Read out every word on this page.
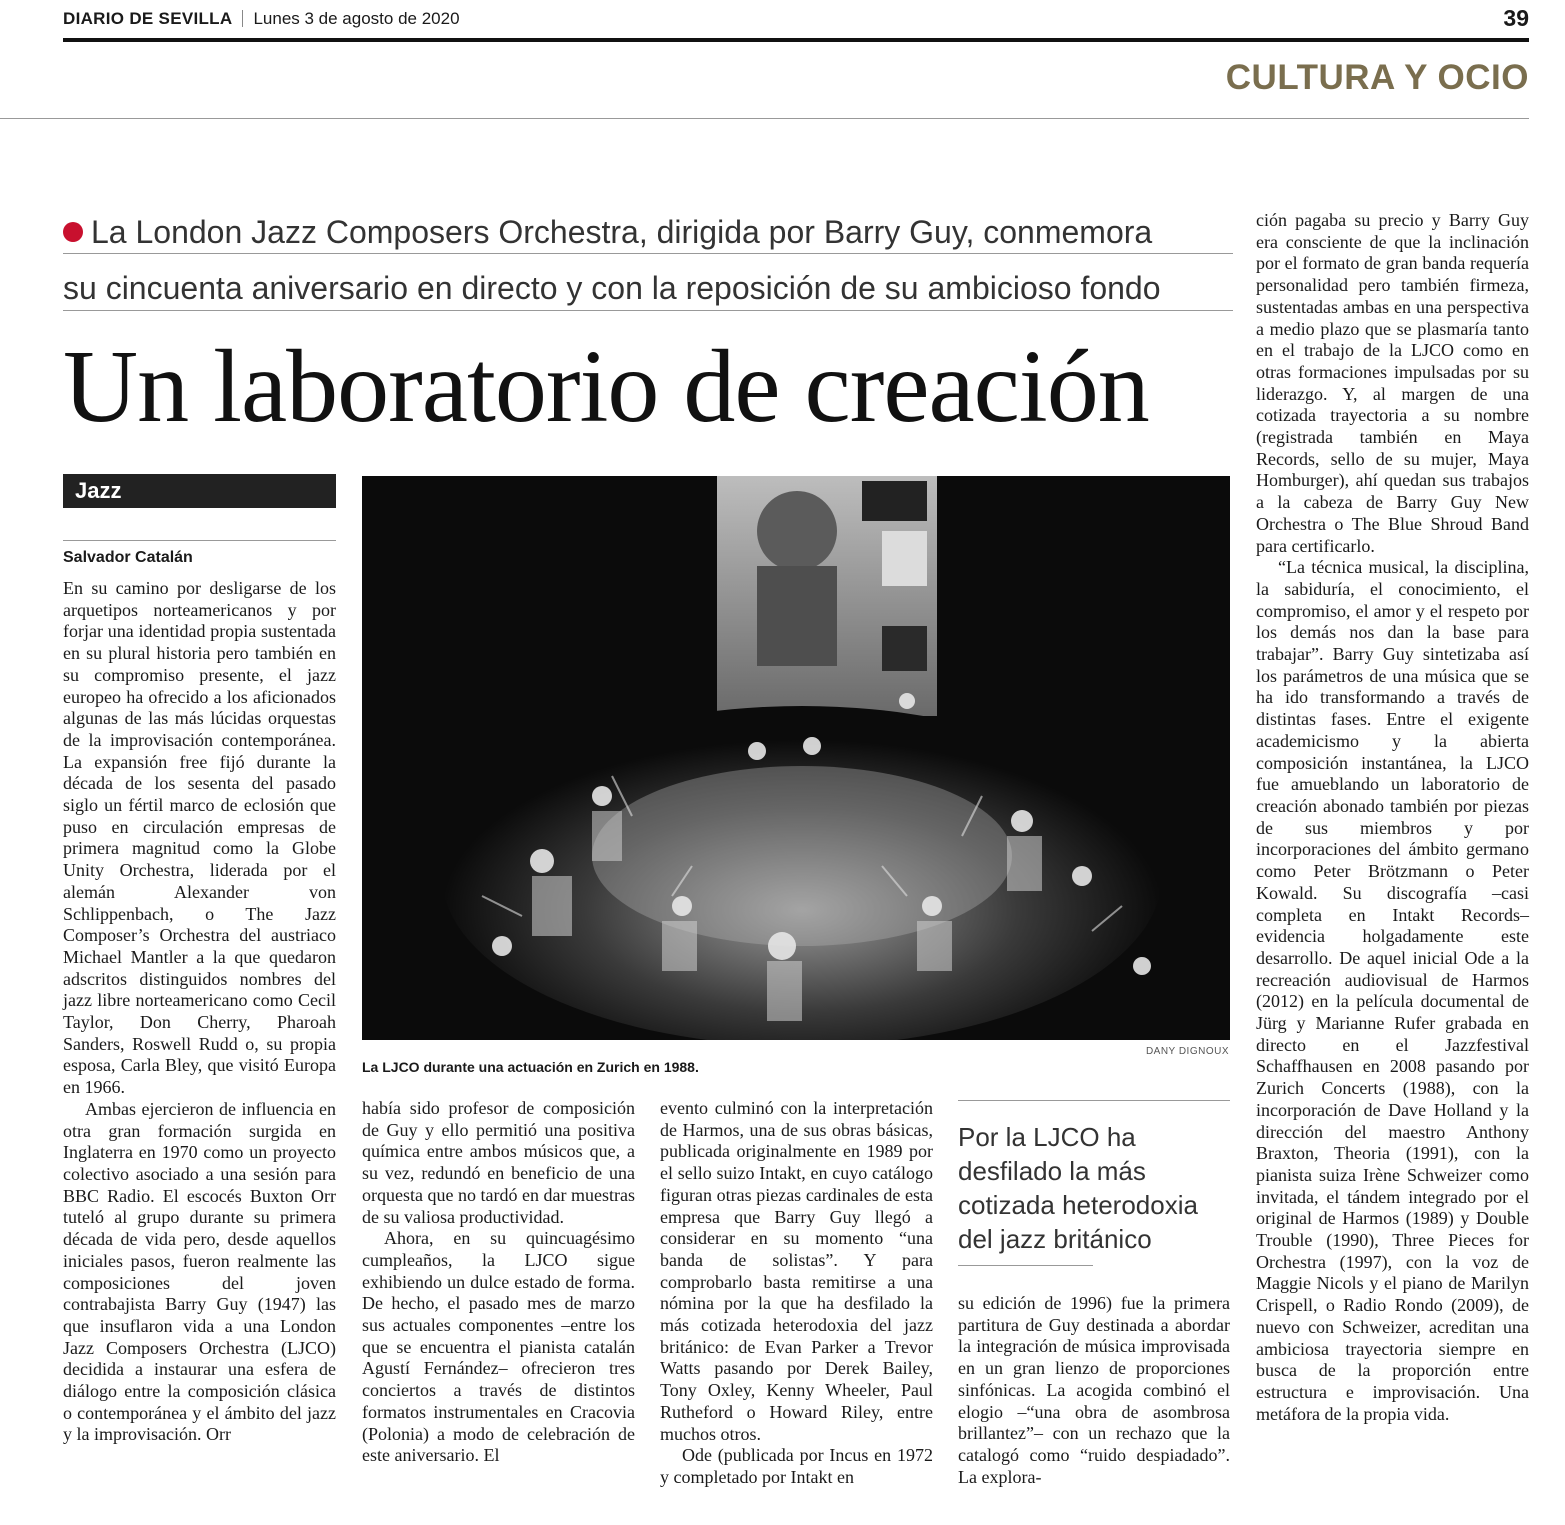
DIARIO DE SEVILLA Lunes 3 de agosto de 2020	39
CULTURA Y OCIO
La London Jazz Composers Orchestra, dirigida por Barry Guy, conmemora
su cincuenta aniversario en directo y con la reposición de su ambicioso fondo
Un laboratorio de creación
Jazz
Salvador Catalán

En su camino por desligarse de los arquetipos norteamericanos y por forjar una identidad propia sustentada en su plural historia pero también en su compromiso presente, el jazz europeo ha ofrecido a los aficionados algunas de las más lúcidas orquestas de la improvisación contemporánea. La expansión free fijó durante la década de los sesenta del pasado siglo un fértil marco de eclosión que puso en circulación empresas de primera magnitud como la Globe Unity Orchestra, liderada por el alemán Alexander von Schlippenbach, o The Jazz Composer’s Orchestra del austriaco Michael Mantler a la que quedaron adscritos distinguidos nombres del jazz libre norteamericano como Cecil Taylor, Don Cherry, Pharoah Sanders, Roswell Rudd o, su propia esposa, Carla Bley, que visitó Europa en 1966.

Ambas ejercieron de influencia en otra gran formación surgida en Inglaterra en 1970 como un proyecto colectivo asociado a una sesión para BBC Radio. El escocés Buxton Orr tuteló al grupo durante su primera década de vida pero, desde aquellos iniciales pasos, fueron realmente las composiciones del joven contrabajista Barry Guy (1947) las que insuflaron vida a una London Jazz Composers Orchestra (LJCO) decidida a instaurar una esfera de diálogo entre la composición clásica o contemporánea y el ámbito del jazz y la improvisación. Orr

DANY DIGNOUX
La LJCO durante una actuación en Zurich en 1988.

había sido profesor de composición de Guy y ello permitió una positiva química entre ambos músicos que, a su vez, redundó en beneficio de una orquesta que no tardó en dar muestras de su valiosa productividad.

Ahora, en su quincuagésimo cumpleaños, la LJCO sigue exhibiendo un dulce estado de forma. De hecho, el pasado mes de marzo sus actuales componentes –entre los que se encuentra el pianista catalán Agustí Fernández– ofrecieron tres conciertos a través de distintos formatos instrumentales en Cracovia (Polonia) a modo de celebración de este aniversario. El

evento culminó con la interpretación de Harmos, una de sus obras básicas, publicada originalmente en 1989 por el sello suizo Intakt, en cuyo catálogo figuran otras piezas cardinales de esta empresa que Barry Guy llegó a considerar en su momento “una banda de solistas”. Y para comprobarlo basta remitirse a una nómina por la que ha desfilado la más cotizada heterodoxia del jazz británico: de Evan Parker a Trevor Watts pasando por Derek Bailey, Tony Oxley, Kenny Wheeler, Paul Rutheford o Howard Riley, entre muchos otros.

Ode (publicada por Incus en 1972 y completado por Intakt en

Por la LJCO ha desfilado la más cotizada heterodoxia del jazz británico

su edición de 1996) fue la primera partitura de Guy destinada a abordar la integración de música improvisada en un gran lienzo de proporciones sinfónicas. La acogida combinó el elogio –“una obra de asombrosa brillantez”– con un rechazo que la catalogó como “ruido despiadado”. La explora-

ción pagaba su precio y Barry Guy era consciente de que la inclinación por el formato de gran banda requería personalidad pero también firmeza, sustentadas ambas en una perspectiva a medio plazo que se plasmaría tanto en el trabajo de la LJCO como en otras formaciones impulsadas por su liderazgo. Y, al margen de una cotizada trayectoria a su nombre (registrada también en Maya Records, sello de su mujer, Maya Homburger), ahí quedan sus trabajos a la cabeza de Barry Guy New Orchestra o The Blue Shroud Band para certificarlo.

“La técnica musical, la disciplina, la sabiduría, el conocimiento, el compromiso, el amor y el respeto por los demás nos dan la base para trabajar”. Barry Guy sintetizaba así los parámetros de una música que se ha ido transformando a través de distintas fases. Entre el exigente academicismo y la abierta composición instantánea, la LJCO fue amueblando un laboratorio de creación abonado también por piezas de sus miembros y por incorporaciones del ámbito germano como Peter Brötzmann o Peter Kowald. Su discografía –casi completa en Intakt Records– evidencia holgadamente este desarrollo. De aquel inicial Ode a la recreación audiovisual de Harmos (2012) en la película documental de Jürg y Marianne Rufer grabada en directo en el Jazzfestival Schaffhausen en 2008 pasando por Zurich Concerts (1988), con la incorporación de Dave Holland y la dirección del maestro Anthony Braxton, Theoria (1991), con la pianista suiza Irène Schweizer como invitada, el tándem integrado por el original de Harmos (1989) y Double Trouble (1990), Three Pieces for Orchestra (1997), con la voz de Maggie Nicols y el piano de Marilyn Crispell, o Radio Rondo (2009), de nuevo con Schweizer, acreditan una ambiciosa trayectoria siempre en busca de la proporción entre estructura e improvisación. Una metáfora de la propia vida.
